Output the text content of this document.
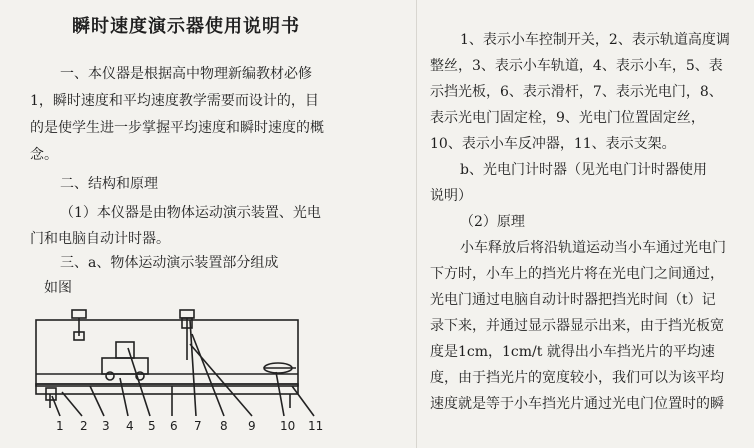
瞬时速度演示器使用说明书
一、本仪器是根据高中物理新编教材必修
1，瞬时速度和平均速度教学需要而设计的，目
的是使学生进一步掌握平均速度和瞬时速度的概
念。
二、结构和原理
（1）本仪器是由物体运动演示装置、光电
门和电脑自动计时器。
三、a、物体运动演示装置部分组成
如图
1 2 3 4 5 6 7 8 9 10 11
1、表示小车控制开关，2、表示轨道高度调
整丝，3、表示小车轨道，4、表示小车，5、表
示挡光板，6、表示滑杆，7、表示光电门，8、
表示光电门固定栓，9、光电门位置固定丝，
10、表示小车反冲器，11、表示支架。
b、光电门计时器（见光电门计时器使用
说明）
（2）原理
小车释放后将沿轨道运动当小车通过光电门
下方时，小车上的挡光片将在光电门之间通过，
光电门通过电脑自动计时器把挡光时间（t）记
录下来，并通过显示器显示出来，由于挡光板宽
度是1cm，1cm/t 就得出小车挡光片的平均速
度，由于挡光片的宽度较小，我们可以为该平均
速度就是等于小车挡光片通过光电门位置时的瞬
